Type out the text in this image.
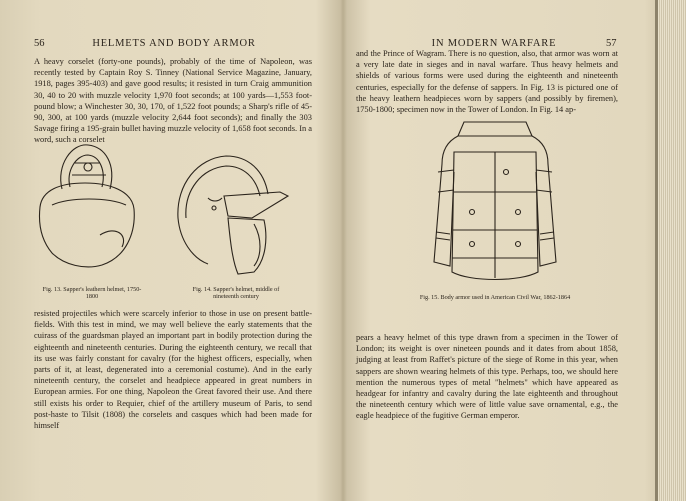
56	HELMETS AND BODY ARMOR

A heavy corselet (forty-one pounds), probably of the time of Napoleon, was recently tested by Captain Roy S. Tinney (National Service Magazine, January, 1918, pages 395-403) and gave good results; it resisted in turn Craig ammunition 30, 40 to 20 with muzzle velocity 1,970 foot seconds; at 100 yards—1,553 foot-pound blow; a Winchester 30, 30, 170, of 1,522 foot pounds; a Sharp's rifle of 45-90, 300, at 100 yards (muzzle velocity 2,644 foot seconds); and finally the 303 Savage firing a 195-grain bullet having muzzle velocity of 1,658 foot seconds. In a word, such a corselet

Fig. 13. Sapper's leathern helmet, 1750-1800

Fig. 14. Sapper's helmet, middle of nineteenth century

resisted projectiles which were scarcely inferior to those in use on present battle-fields. With this test in mind, we may well believe the early statements that the cuirass of the guardsman played an important part in bodily protection during the eighteenth and nineteenth centuries. During the eighteenth century, we recall that its use was fairly constant for cavalry (for the highest officers, especially, when parts of it, at least, degenerated into a ceremonial costume). And in the early nineteenth century, the corselet and headpiece appeared in great numbers in European armies. For one thing, Napoleon the Great favored their use. And there still exists his order to Requier, chief of the artillery museum of Paris, to send post-haste to Tilsit (1808) the corselets and casques which had been made for himself

IN MODERN WARFARE	57

and the Prince of Wagram. There is no question, also, that armor was worn at a very late date in sieges and in naval warfare. Thus heavy helmets and shields of various forms were used during the eighteenth and nineteenth centuries, especially for the defense of sappers. In Fig. 13 is pictured one of the heavy leathern headpieces worn by sappers (and possibly by firemen), 1750-1800; specimen now in the Tower of London. In Fig. 14 ap-

Fig. 15. Body armor used in American Civil War, 1862-1864

pears a heavy helmet of this type drawn from a specimen in the Tower of London; its weight is over nineteen pounds and it dates from about 1858, judging at least from Raffet's picture of the siege of Rome in this year, when sappers are shown wearing helmets of this type. Perhaps, too, we should here mention the numerous types of metal "helmets" which have appeared as headgear for infantry and cavalry during the late eighteenth and throughout the nineteenth century which were of little value save ornamental, e.g., the eagle headpiece of the fugitive German emperor.
